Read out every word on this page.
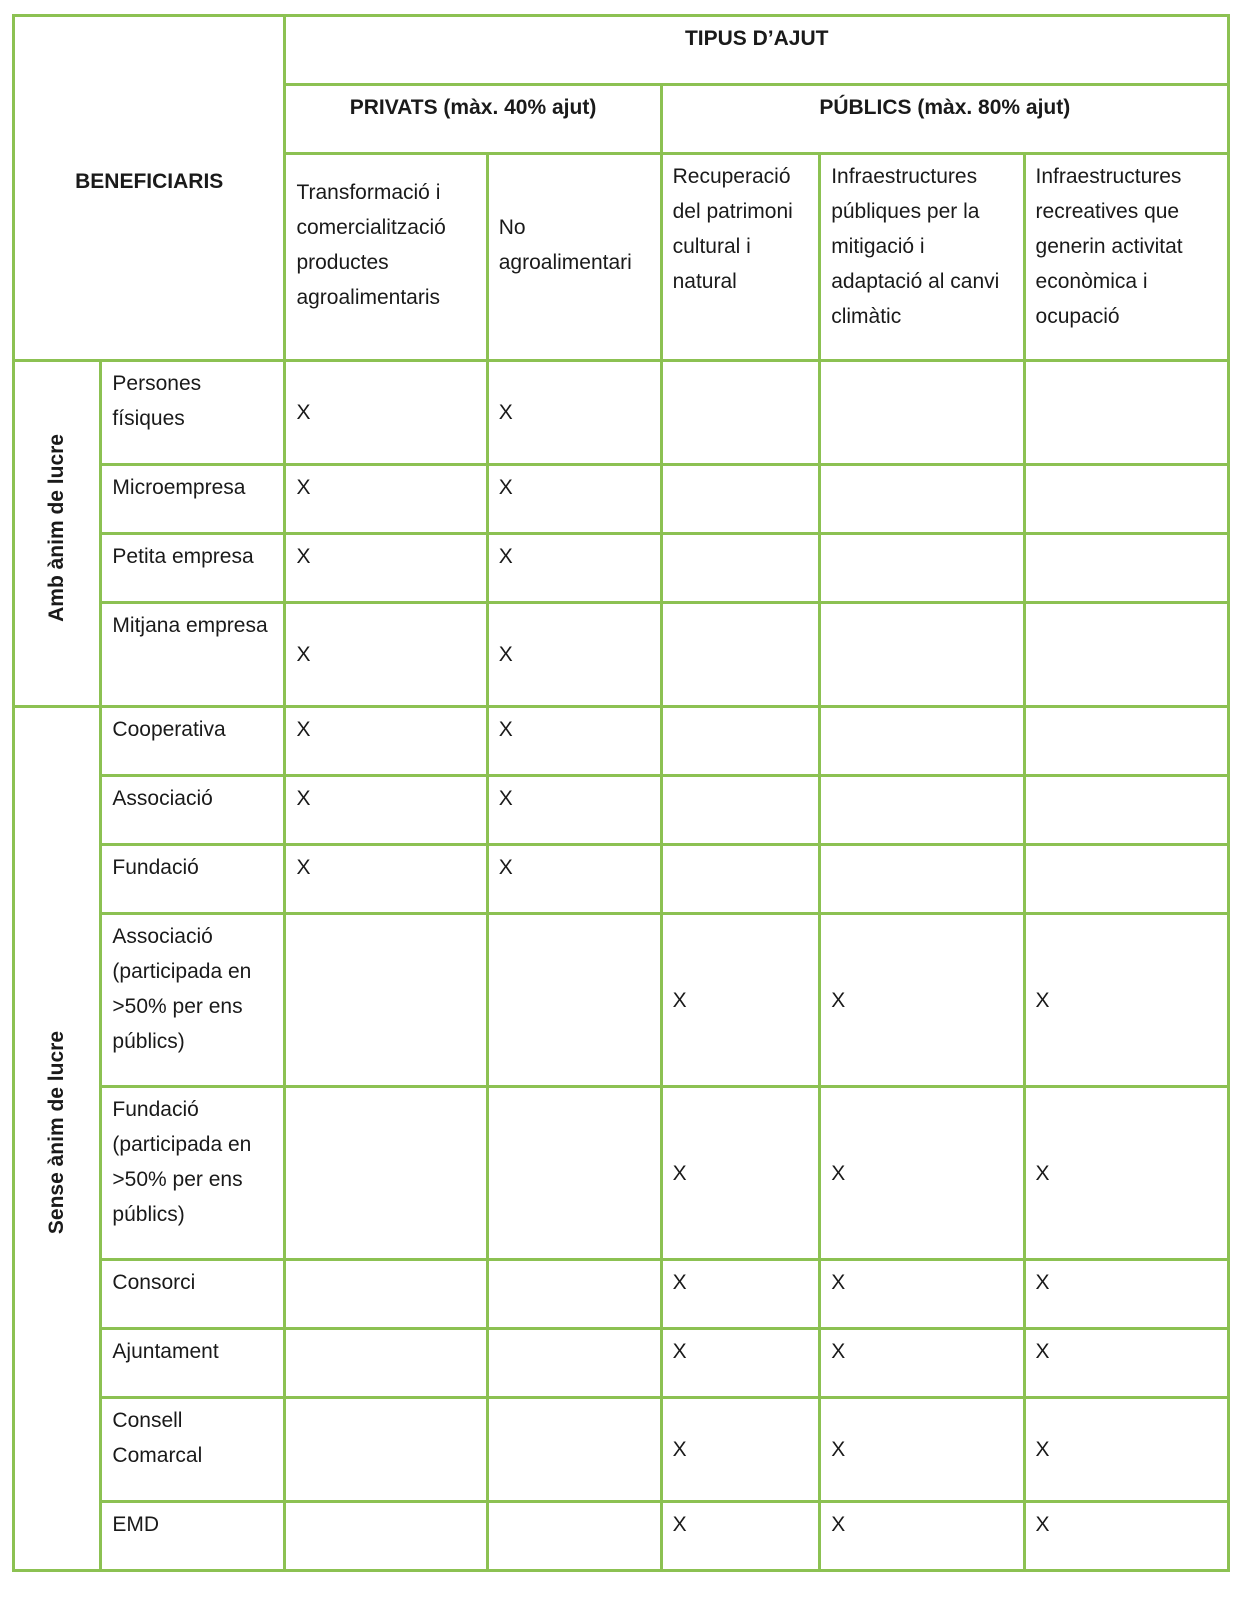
BENEFICIARIS		TIPUS D’AJUT				
		PRIVATS (màx. 40% ajut)		PÚBLICS (màx. 80% ajut)		
		Transformació i comercialització productes agroalimentaris	No agroalimentari	Recuperació del patrimoni cultural i natural	Infraestructures públiques per la mitigació i adaptació al canvi climàtic	Infraestructures recreatives que generin activitat econòmica i ocupació
Amb ànim de lucre	Persones físiques	X	X			
	Microempresa	X	X			
	Petita empresa	X	X			
	Mitjana empresa	X	X			
Sense ànim de lucre	Cooperativa	X	X			
	Associació	X	X			
	Fundació	X	X			
	Associació (participada en >50% per ens públics)			X	X	X
	Fundació (participada en >50% per ens públics)			X	X	X
	Consorci			X	X	X
	Ajuntament			X	X	X
	Consell Comarcal			X	X	X
	EMD			X	X	X
